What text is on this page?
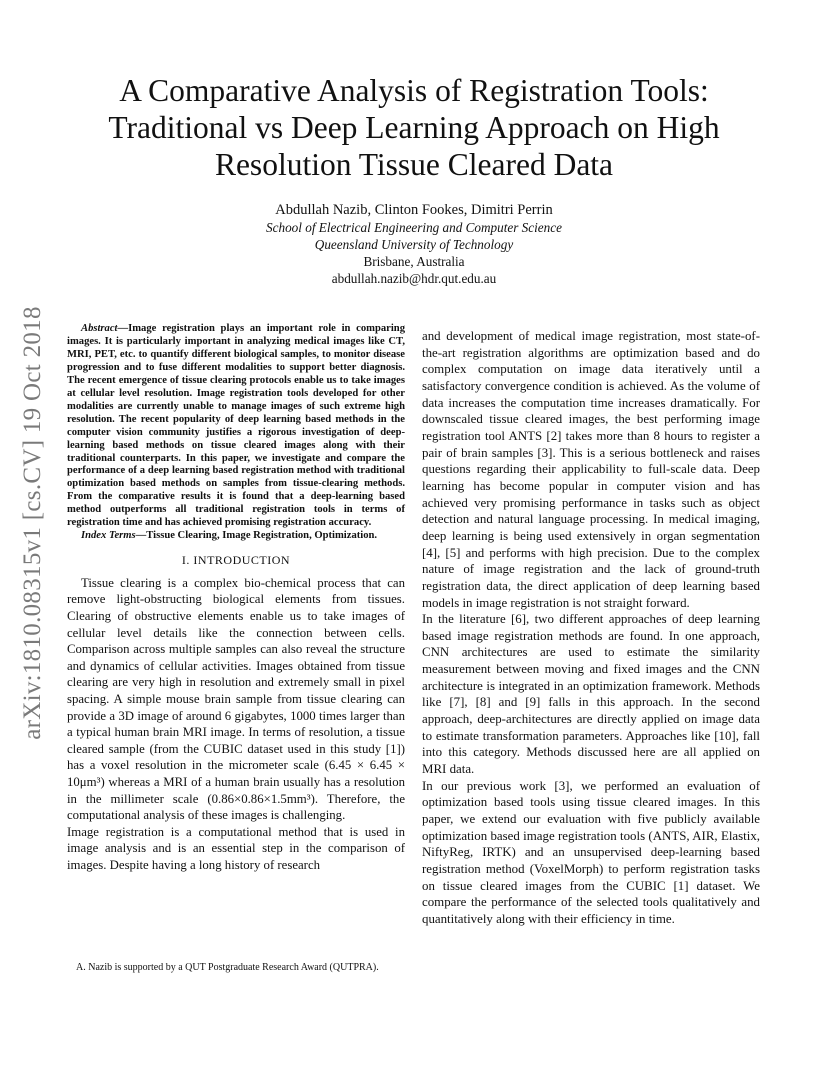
arXiv:1810.08315v1 [cs.CV] 19 Oct 2018
A Comparative Analysis of Registration Tools: Traditional vs Deep Learning Approach on High Resolution Tissue Cleared Data
Abdullah Nazib, Clinton Fookes, Dimitri Perrin
School of Electrical Engineering and Computer Science
Queensland University of Technology
Brisbane, Australia
abdullah.nazib@hdr.qut.edu.au

Abstract—Image registration plays an important role in comparing images. It is particularly important in analyzing medical images like CT, MRI, PET, etc. to quantify different biological samples, to monitor disease progression and to fuse different modalities to support better diagnosis. The recent emergence of tissue clearing protocols enable us to take images at cellular level resolution. Image registration tools developed for other modalities are currently unable to manage images of such extreme high resolution. The recent popularity of deep learning based methods in the computer vision community justifies a rigorous investigation of deep-learning based methods on tissue cleared images along with their traditional counterparts. In this paper, we investigate and compare the performance of a deep learning based registration method with traditional optimization based methods on samples from tissue-clearing methods. From the comparative results it is found that a deep-learning based method outperforms all traditional registration tools in terms of registration time and has achieved promising registration accuracy.

Index Terms—Tissue Clearing, Image Registration, Optimization.

I. INTRODUCTION

Tissue clearing is a complex bio-chemical process that can remove light-obstructing biological elements from tissues. Clearing of obstructive elements enable us to take images of cellular level details like the connection between cells. Comparison across multiple samples can also reveal the structure and dynamics of cellular activities. Images obtained from tissue clearing are very high in resolution and extremely small in pixel spacing. A simple mouse brain sample from tissue clearing can provide a 3D image of around 6 gigabytes, 1000 times larger than a typical human brain MRI image. In terms of resolution, a tissue cleared sample (from the CUBIC dataset used in this study [1]) has a voxel resolution in the micrometer scale (6.45 × 6.45 × 10μm³) whereas a MRI of a human brain usually has a resolution in the millimeter scale (0.86×0.86×1.5mm³). Therefore, the computational analysis of these images is challenging.

Image registration is a computational method that is used in image analysis and is an essential step in the comparison of images. Despite having a long history of research

and development of medical image registration, most state-of-the-art registration algorithms are optimization based and do complex computation on image data iteratively until a satisfactory convergence condition is achieved. As the volume of data increases the computation time increases dramatically. For downscaled tissue cleared images, the best performing image registration tool ANTS [2] takes more than 8 hours to register a pair of brain samples [3]. This is a serious bottleneck and raises questions regarding their applicability to full-scale data. Deep learning has become popular in computer vision and has achieved very promising performance in tasks such as object detection and natural language processing. In medical imaging, deep learning is being used extensively in organ segmentation [4], [5] and performs with high precision. Due to the complex nature of image registration and the lack of ground-truth registration data, the direct application of deep learning based models in image registration is not straight forward.

In the literature [6], two different approaches of deep learning based image registration methods are found. In one approach, CNN architectures are used to estimate the similarity measurement between moving and fixed images and the CNN architecture is integrated in an optimization framework. Methods like [7], [8] and [9] falls in this approach. In the second approach, deep-architectures are directly applied on image data to estimate transformation parameters. Approaches like [10], fall into this category. Methods discussed here are all applied on MRI data.

In our previous work [3], we performed an evaluation of optimization based tools using tissue cleared images. In this paper, we extend our evaluation with five publicly available optimization based image registration tools (ANTS, AIR, Elastix, NiftyReg, IRTK) and an unsupervised deep-learning based registration method (VoxelMorph) to perform registration tasks on tissue cleared images from the CUBIC [1] dataset. We compare the performance of the selected tools qualitatively and quantitatively along with their efficiency in time.

A. Nazib is supported by a QUT Postgraduate Research Award (QUTPRA).
